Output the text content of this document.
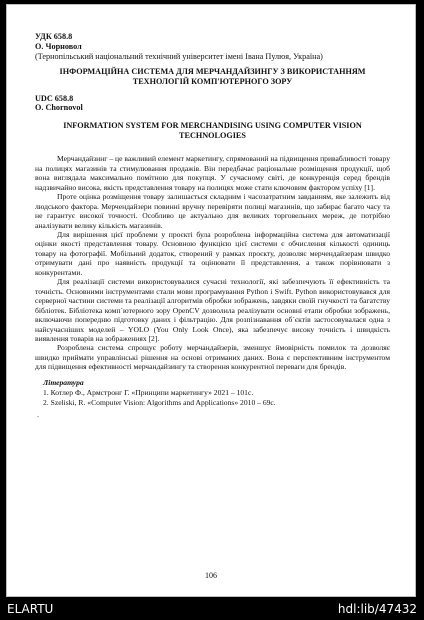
УДК 658.8
О. Чорновол
(Тернопільський національний технічний університет імені Івана Пулюя, Україна)
ІНФОРМАЦІЙНА СИСТЕМА ДЛЯ МЕРЧАНДАЙЗИНГУ З ВИКОРИСТАННЯМ ТЕХНОЛОГІЙ КОМП'ЮТЕРНОГО ЗОРУ
UDC 658.8
O. Chornovol
INFORMATION SYSTEM FOR MERCHANDISING USING COMPUTER VISION TECHNOLOGIES

Мерчандайзинг – це важливий елемент маркетингу, спрямований на підвищення привабливості товару на полицях магазинів та стимулювання продажів. Він передбачає раціональне розміщення продукції, щоб вона виглядала максимально помітною для покупця. У сучасному світі, де конкуренція серед брендів надзвичайно висока, якість представлення товару на полицях може стати ключовим фактором успіху [1].

Проте оцінка розміщення товару залишається складним і часозатратним завданням, яке залежить від людського фактора. Мерчендайзери повинні вручну перевіряти полиці магазинів, що забирає багато часу та не гарантує високої точності. Особливо це актуально для великих торговельних мереж, де потрібно аналізувати велику кількість магазинів.

Для вирішення цієї проблеми у проєкті була розроблена інформаційна система для автоматизації оцінки якості представлення товару. Основною функцією цієї системи є обчислення кількості одиниць товару на фотографії. Мобільний додаток, створений у рамках проєкту, дозволяє мерчендайзерам швидко отримувати дані про наявність продукції та оцінювати її представлення, а також порівнювати з конкурентами.

Для реалізації системи використовувалися сучасні технології, які забезпечують її ефективність та точність. Основними інструментами стали мови програмування Python і Swift. Python використовувався для серверної частини системи та реалізації алгоритмів обробки зображень, завдяки своїй гнучкості та багатству бібліотек. Бібліотека комп`ютерного зору OpenCV дозволила реалізувати основні етапи обробки зображень, включаючи попередню підготовку даних і фільтрацію. Для розпізнавання об`єктів застосовувалася одна з найсучасніших моделей – YOLO (You Only Look Once), яка забезпечує високу точність і швидкість виявлення товарів на зображеннях [2].

Розроблена система спрощує роботу мерчандайзерів, зменшує ймовірність помилок та дозволяє швидко приймати управлінські рішення на основі отриманих даних. Вона є перспективним інструментом для підвищення ефективності мерчандайзингу та створення конкурентної переваги для брендів.

Література
1. Котлер Ф., Армстронг Г. «Принципи маркетингу» 2021 – 101с.
2. Szeliski, R. «Computer Vision: Algorithms and Applications» 2010 – 69с.
.
106
ELARTU	hdl:lib/47432
